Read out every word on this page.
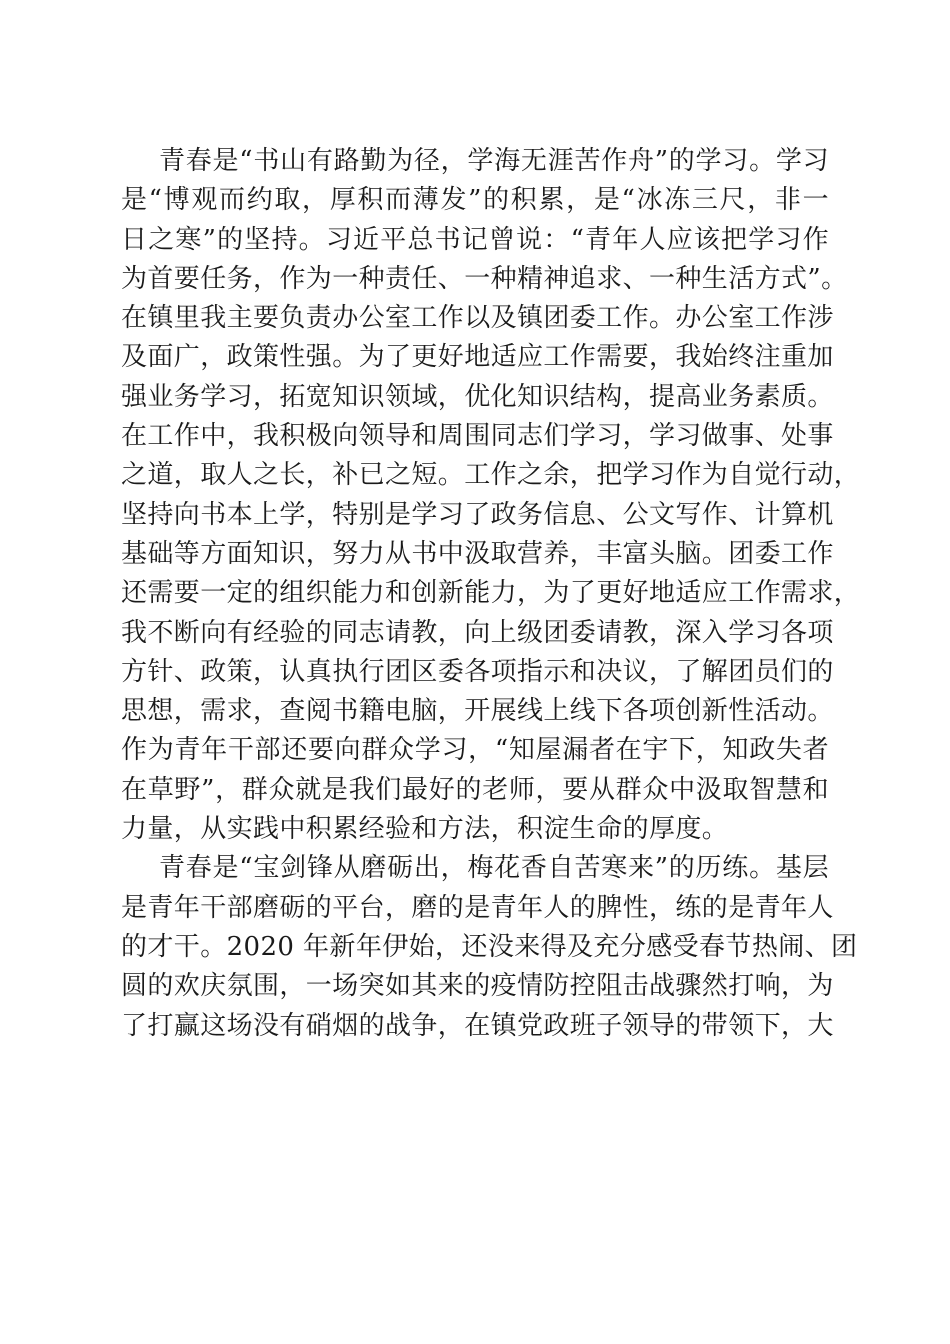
青春是“书山有路勤为径，学海无涯苦作舟”的学习。学习
是“博观而约取，厚积而薄发”的积累，是“冰冻三尺，非一
日之寒”的坚持。习近平总书记曾说：“青年人应该把学习作
为首要任务，作为一种责任、一种精神追求、一种生活方式”。
在镇里我主要负责办公室工作以及镇团委工作。办公室工作涉
及面广，政策性强。为了更好地适应工作需要，我始终注重加
强业务学习，拓宽知识领域，优化知识结构，提高业务素质。
在工作中，我积极向领导和周围同志们学习，学习做事、处事
之道，取人之长，补已之短。工作之余，把学习作为自觉行动，
坚持向书本上学，特别是学习了政务信息、公文写作、计算机
基础等方面知识，努力从书中汲取营养，丰富头脑。团委工作
还需要一定的组织能力和创新能力，为了更好地适应工作需求，
我不断向有经验的同志请教，向上级团委请教，深入学习各项
方针、政策，认真执行团区委各项指示和决议，了解团员们的
思想，需求，查阅书籍电脑，开展线上线下各项创新性活动。
作为青年干部还要向群众学习，“知屋漏者在宇下，知政失者
在草野”，群众就是我们最好的老师，要从群众中汲取智慧和
力量，从实践中积累经验和方法，积淀生命的厚度。
青春是“宝剑锋从磨砺出，梅花香自苦寒来”的历练。基层
是青年干部磨砺的平台，磨的是青年人的脾性，练的是青年人
的才干。2020 年新年伊始，还没来得及充分感受春节热闹、团
圆的欢庆氛围，一场突如其来的疫情防控阻击战骤然打响，为
了打赢这场没有硝烟的战争，在镇党政班子领导的带领下，大
